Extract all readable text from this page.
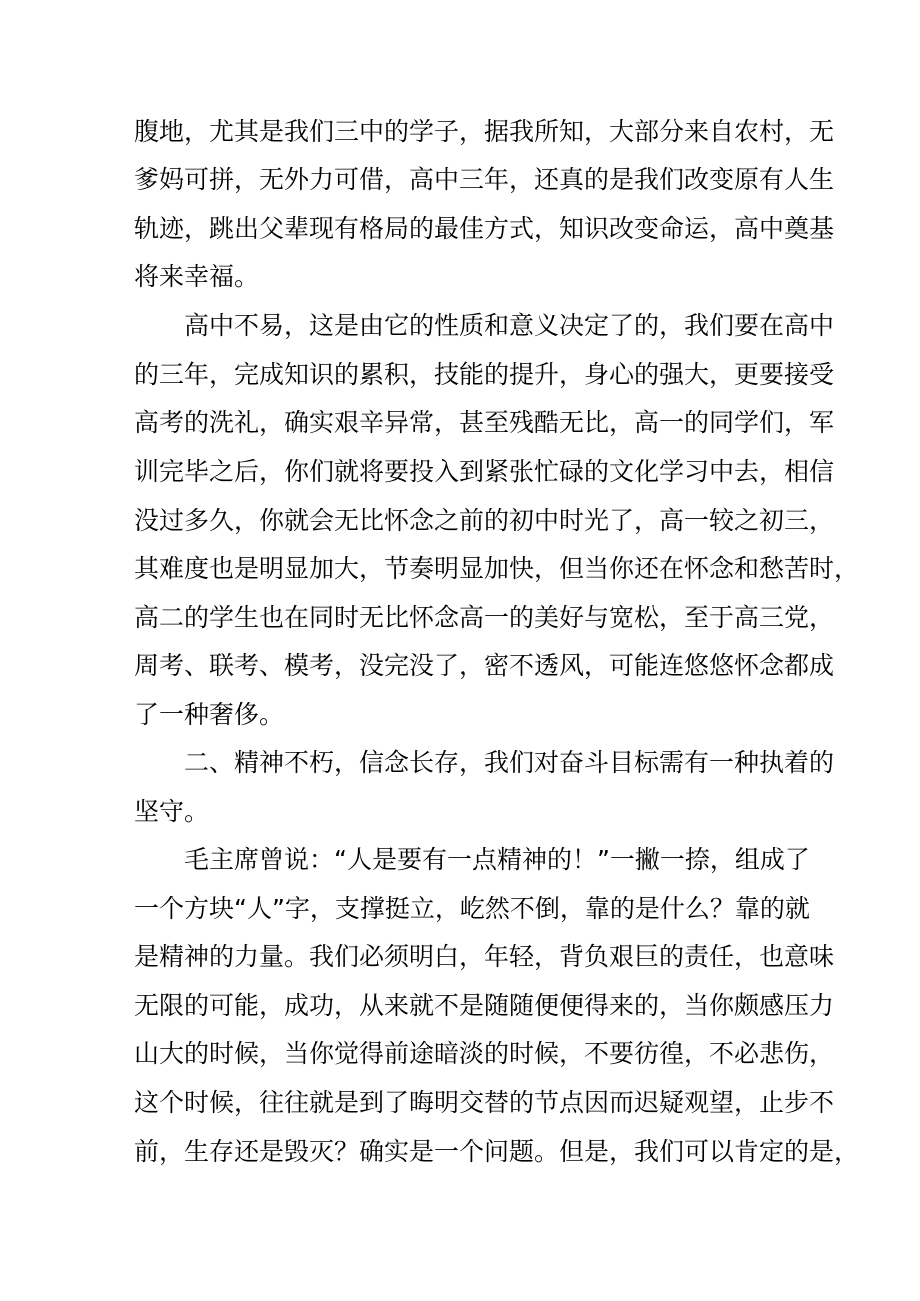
腹地，尤其是我们三中的学子，据我所知，大部分来自农村，无
爹妈可拼，无外力可借，高中三年，还真的是我们改变原有人生
轨迹，跳出父辈现有格局的最佳方式，知识改变命运，高中奠基
将来幸福。
高中不易，这是由它的性质和意义决定了的，我们要在高中
的三年，完成知识的累积，技能的提升，身心的强大，更要接受
高考的洗礼，确实艰辛异常，甚至残酷无比，高一的同学们，军
训完毕之后，你们就将要投入到紧张忙碌的文化学习中去，相信
没过多久，你就会无比怀念之前的初中时光了，高一较之初三，
其难度也是明显加大，节奏明显加快，但当你还在怀念和愁苦时，
高二的学生也在同时无比怀念高一的美好与宽松，至于高三党，
周考、联考、模考，没完没了，密不透风，可能连悠悠怀念都成
了一种奢侈。
二、精神不朽，信念长存，我们对奋斗目标需有一种执着的
坚守。
毛主席曾说：“人是要有一点精神的！”一撇一捺，组成了
一个方块“人”字，支撑挺立，屹然不倒，靠的是什么？靠的就
是精神的力量。我们必须明白，年轻，背负艰巨的责任，也意味
无限的可能，成功，从来就不是随随便便得来的，当你颇感压力
山大的时候，当你觉得前途暗淡的时候，不要彷徨，不必悲伤，
这个时候，往往就是到了晦明交替的节点因而迟疑观望，止步不
前，生存还是毁灭？确实是一个问题。但是，我们可以肯定的是，
